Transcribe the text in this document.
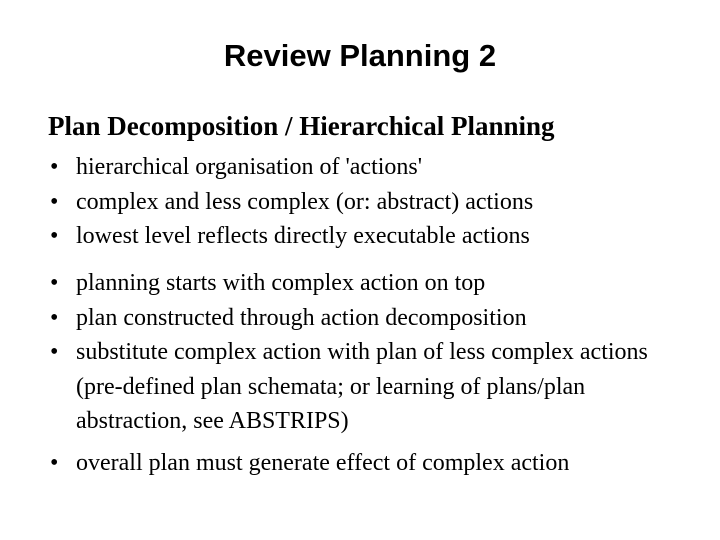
Review Planning 2
Plan Decomposition / Hierarchical Planning
• hierarchical organisation of 'actions'
• complex and less complex (or: abstract) actions
• lowest level reflects directly executable actions
• planning starts with complex action on top
• plan constructed through action decomposition
• substitute complex action with plan of less complex actions (pre-defined plan schemata; or learning of plans/plan abstraction, see ABSTRIPS)
• overall plan must generate effect of complex action
